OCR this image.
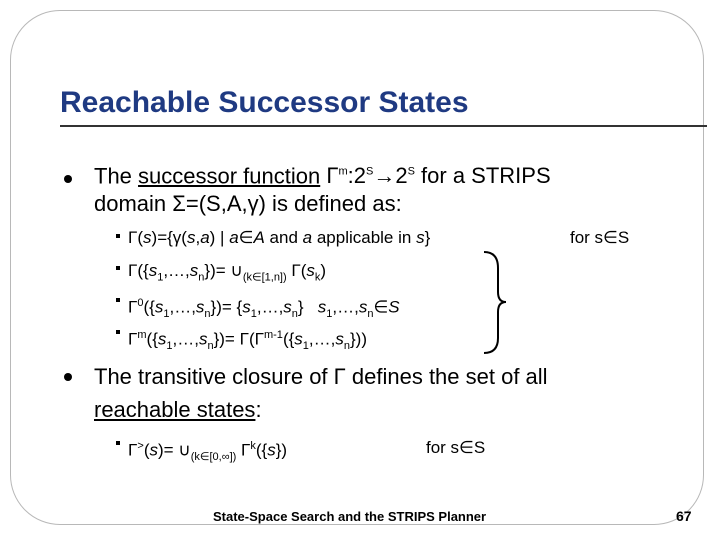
Reachable Successor States
The successor function $\Gamma^m:2^S\to 2^S$ for a STRIPS
domain Σ=(S,A,γ) is defined as:
Γ(s)={γ(s,a) | a∈A and a applicable in s}	for s∈S
$\Gamma(\{s_1,\dots,s_n\})=$ $\cup_{(k\in[1,n])}$ $\Gamma(s_k)$
$\Gamma^0(\{s_1,\dots,s_n\})=$ $\{s_1,\dots,s_n\}$   $s_1,\dots,s_n\in S$
$\Gamma^m(\{s_1,\dots,s_n\})=$ $\Gamma(\Gamma^{m-1}(\{s_1,\dots,s_n\}))$
The transitive closure of Γ defines the set of all
reachable states:
$\Gamma^>(s)= \cup_{(k\in[0,\infty])}$ $\Gamma^k(\{s\})$	for s∈S
State-Space Search and the STRIPS Planner	67
